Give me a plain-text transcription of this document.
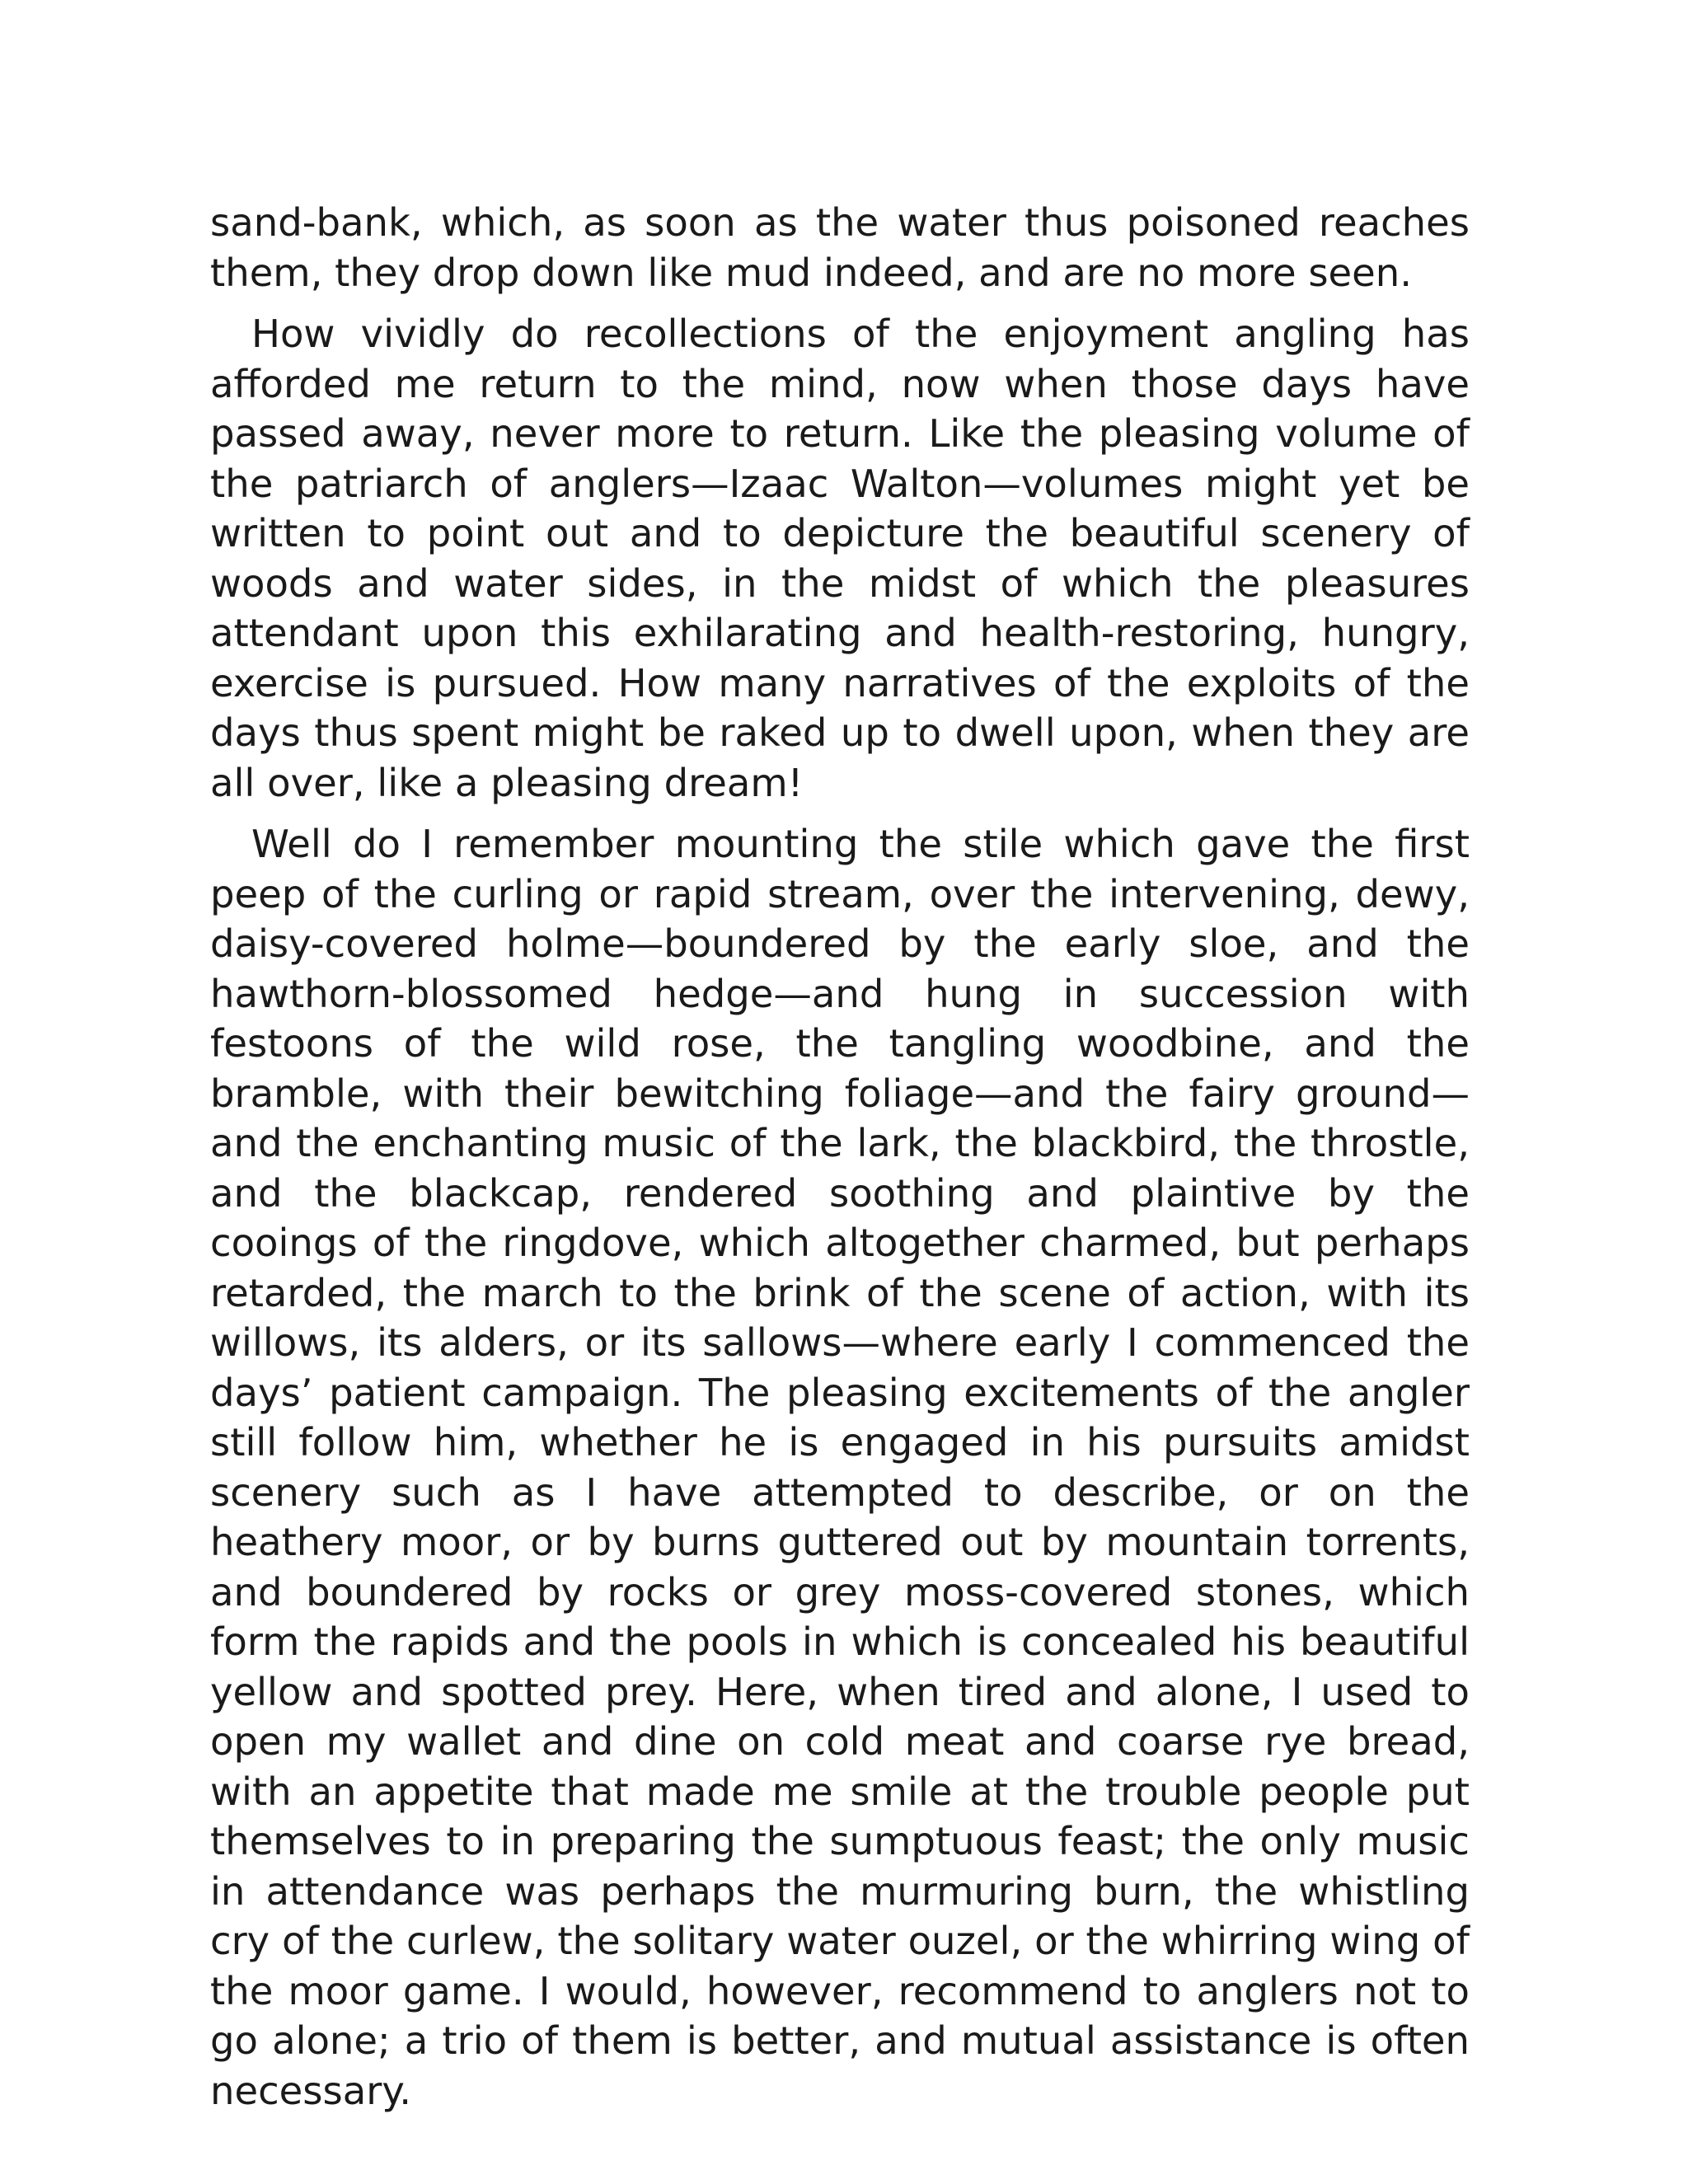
sand-bank, which, as soon as the water thus poisoned reaches them, they drop down like mud indeed, and are no more seen.

How vividly do recollections of the enjoyment angling has afforded me return to the mind, now when those days have passed away, never more to return. Like the pleasing volume of the patriarch of anglers—Izaac Walton—volumes might yet be written to point out and to depicture the beautiful scenery of woods and water sides, in the midst of which the pleasures attendant upon this exhilarating and health-restoring, hungry, exercise is pursued. How many narratives of the exploits of the days thus spent might be raked up to dwell upon, when they are all over, like a pleasing dream!

Well do I remember mounting the stile which gave the first peep of the curling or rapid stream, over the intervening, dewy, daisy-covered holme—boundered by the early sloe, and the hawthorn-blossomed hedge—and hung in succession with festoons of the wild rose, the tangling woodbine, and the bramble, with their bewitching foliage—and the fairy ground—and the enchanting music of the lark, the blackbird, the throstle, and the blackcap, rendered soothing and plaintive by the cooings of the ringdove, which altogether charmed, but perhaps retarded, the march to the brink of the scene of action, with its willows, its alders, or its sallows—where early I commenced the days’ patient campaign. The pleasing excitements of the angler still follow him, whether he is engaged in his pursuits amidst scenery such as I have attempted to describe, or on the heathery moor, or by burns guttered out by mountain torrents, and boundered by rocks or grey moss-covered stones, which form the rapids and the pools in which is concealed his beautiful yellow and spotted prey. Here, when tired and alone, I used to open my wallet and dine on cold meat and coarse rye bread, with an appetite that made me smile at the trouble people put themselves to in preparing the sumptuous feast; the only music in attendance was perhaps the murmuring burn, the whistling cry of the curlew, the solitary water ouzel, or the whirring wing of the moor game. I would, however, recommend to anglers not to go alone; a trio of them is better, and mutual assistance is often necessary.
